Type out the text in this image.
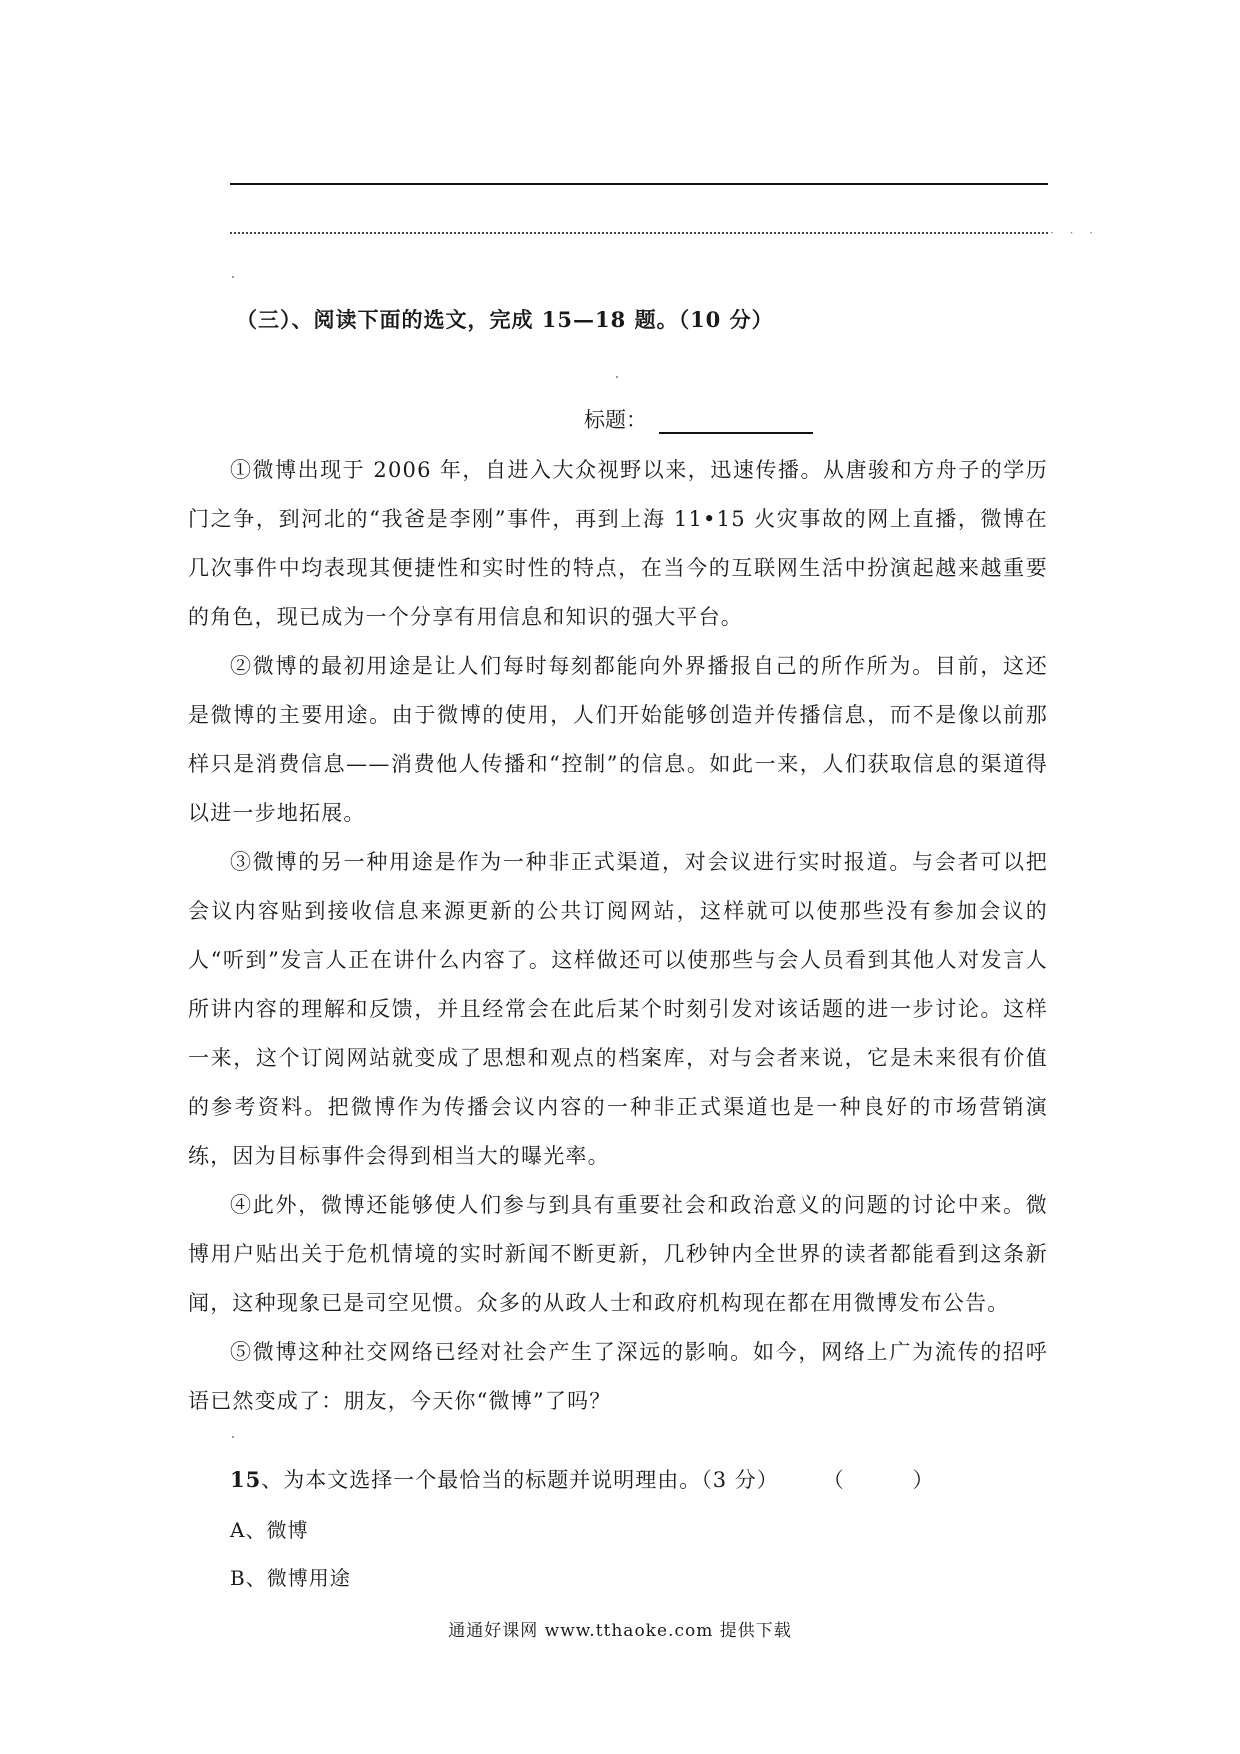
· · ·
（三）、阅读下面的选文，完成 15—18 题。（10 分）
标题：

①微博出现于 2006 年，自进入大众视野以来，迅速传播。从唐骏和方舟子的学历门之争，到河北的“我爸是李刚”事件，再到上海 11•15 火灾事故的网上直播，微博在几次事件中均表现其便捷性和实时性的特点，在当今的互联网生活中扮演起越来越重要的角色，现已成为一个分享有用信息和知识的强大平台。

②微博的最初用途是让人们每时每刻都能向外界播报自己的所作所为。目前，这还是微博的主要用途。由于微博的使用，人们开始能够创造并传播信息，而不是像以前那样只是消费信息——消费他人传播和“控制”的信息。如此一来，人们获取信息的渠道得以进一步地拓展。

③微博的另一种用途是作为一种非正式渠道，对会议进行实时报道。与会者可以把会议内容贴到接收信息来源更新的公共订阅网站，这样就可以使那些没有参加会议的人“听到”发言人正在讲什么内容了。这样做还可以使那些与会人员看到其他人对发言人所讲内容的理解和反馈，并且经常会在此后某个时刻引发对该话题的进一步讨论。这样一来，这个订阅网站就变成了思想和观点的档案库，对与会者来说，它是未来很有价值的参考资料。把微博作为传播会议内容的一种非正式渠道也是一种良好的市场营销演练，因为目标事件会得到相当大的曝光率。

④此外，微博还能够使人们参与到具有重要社会和政治意义的问题的讨论中来。微博用户贴出关于危机情境的实时新闻不断更新，几秒钟内全世界的读者都能看到这条新闻，这种现象已是司空见惯。众多的从政人士和政府机构现在都在用微博发布公告。

⑤微博这种社交网络已经对社会产生了深远的影响。如今，网络上广为流传的招呼语已然变成了：朋友，今天你“微博”了吗？

15、为本文选择一个最恰当的标题并说明理由。（3 分） （ ）
A、微博
B、微博用途
通通好课网 www.tthaoke.com 提供下载
